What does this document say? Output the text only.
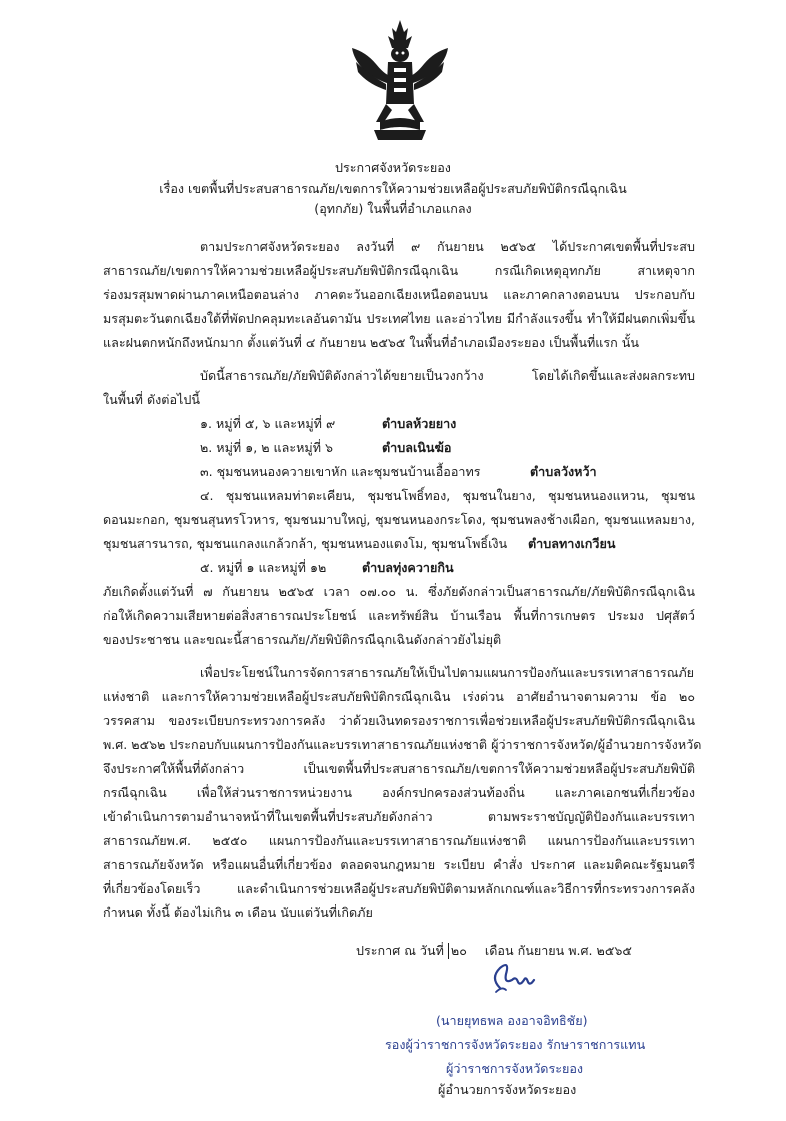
ประกาศจังหวัดระยอง
เรื่อง เขตพื้นที่ประสบสาธารณภัย/เขตการให้ความช่วยเหลือผู้ประสบภัยพิบัติกรณีฉุกเฉิน
(อุทกภัย) ในพื้นที่อำเภอแกลง
ตามประกาศจังหวัดระยอง ลงวันที่ ๙ กันยายน ๒๕๖๕ ได้ประกาศเขตพื้นที่ประสบ
สาธารณภัย/เขตการให้ความช่วยเหลือผู้ประสบภัยพิบัติกรณีฉุกเฉิน กรณีเกิดเหตุอุทกภัย สาเหตุจาก
ร่องมรสุมพาดผ่านภาคเหนือตอนล่าง ภาคตะวันออกเฉียงเหนือตอนบน และภาคกลางตอนบน ประกอบกับ
มรสุมตะวันตกเฉียงใต้ที่พัดปกคลุมทะเลอันดามัน ประเทศไทย และอ่าวไทย มีกำลังแรงขึ้น ทำให้มีฝนตกเพิ่มขึ้น
และฝนตกหนักถึงหนักมาก ตั้งแต่วันที่ ๔ กันยายน ๒๕๖๕ ในพื้นที่อำเภอเมืองระยอง เป็นพื้นที่แรก นั้น
บัดนี้สาธารณภัย/ภัยพิบัติดังกล่าวได้ขยายเป็นวงกว้าง โดยได้เกิดขึ้นและส่งผลกระทบ
ในพื้นที่ ดังต่อไปนี้
๑. หมู่ที่ ๕, ๖ และหมู่ที่ ๙	ตำบลห้วยยาง
๒. หมู่ที่ ๑, ๒ และหมู่ที่ ๖	ตำบลเนินฆ้อ
๓. ชุมชนหนองควายเขาหัก และชุมชนบ้านเอื้ออาทร	ตำบลวังหว้า
๔. ชุมชนแหลมท่าตะเคียน, ชุมชนโพธิ์ทอง, ชุมชนในยาง, ชุมชนหนองแหวน, ชุมชน
ดอนมะกอก, ชุมชนสุนทรโวหาร, ชุมชนมาบใหญ่, ชุมชนหนองกระโดง, ชุมชนพลงช้างเผือก, ชุมชนแหลมยาง,
ชุมชนสารนารถ, ชุมชนแกลงแกล้วกล้า, ชุมชนหนองแตงโม, ชุมชนโพธิ์เงิน ตำบลทางเกวียน
๕. หมู่ที่ ๑ และหมู่ที่ ๑๒	ตำบลทุ่งควายกิน
ภัยเกิดตั้งแต่วันที่ ๗ กันยายน ๒๕๖๕ เวลา ๐๗.๐๐ น. ซึ่งภัยดังกล่าวเป็นสาธารณภัย/ภัยพิบัติกรณีฉุกเฉิน
ก่อให้เกิดความเสียหายต่อสิ่งสาธารณประโยชน์ และทรัพย์สิน บ้านเรือน พื้นที่การเกษตร ประมง ปศุสัตว์
ของประชาชน และขณะนี้สาธารณภัย/ภัยพิบัติกรณีฉุกเฉินดังกล่าวยังไม่ยุติ
เพื่อประโยชน์ในการจัดการสาธารณภัยให้เป็นไปตามแผนการป้องกันและบรรเทาสาธารณภัย
แห่งชาติ และการให้ความช่วยเหลือผู้ประสบภัยพิบัติกรณีฉุกเฉิน เร่งด่วน อาศัยอำนาจตามความ ข้อ ๒๐
วรรคสาม ของระเบียบกระทรวงการคลัง ว่าด้วยเงินทดรองราชการเพื่อช่วยเหลือผู้ประสบภัยพิบัติกรณีฉุกเฉิน
พ.ศ. ๒๕๖๒ ประกอบกับแผนการป้องกันและบรรเทาสาธารณภัยแห่งชาติ ผู้ว่าราชการจังหวัด/ผู้อำนวยการจังหวัด
จึงประกาศให้พื้นที่ดังกล่าว เป็นเขตพื้นที่ประสบสาธารณภัย/เขตการให้ความช่วยหลือผู้ประสบภัยพิบัติ
กรณีฉุกเฉิน เพื่อให้ส่วนราชการหน่วยงาน องค์กรปกครองส่วนท้องถิ่น และภาคเอกชนที่เกี่ยวข้อง
เข้าดำเนินการตามอำนาจหน้าที่ในเขตพื้นที่ประสบภัยดังกล่าว ตามพระราชบัญญัติป้องกันและบรรเทา
สาธารณภัยพ.ศ. ๒๕๕๐ แผนการป้องกันและบรรเทาสาธารณภัยแห่งชาติ แผนการป้องกันและบรรเทา
สาธารณภัยจังหวัด หรือแผนอื่นที่เกี่ยวข้อง ตลอดจนกฎหมาย ระเบียบ คำสั่ง ประกาศ และมติคณะรัฐมนตรี
ที่เกี่ยวข้องโดยเร็ว และดำเนินการช่วยเหลือผู้ประสบภัยพิบัติตามหลักเกณฑ์และวิธีการที่กระทรวงการคลัง
กำหนด ทั้งนี้ ต้องไม่เกิน ๓ เดือน นับแต่วันที่เกิดภัย
ประกาศ ณ วันที่ ๒๐ เดือน กันยายน พ.ศ. ๒๕๖๕
(นายยุทธพล องอาจอิทธิชัย)
รองผู้ว่าราชการจังหวัดระยอง รักษาราชการแทน
ผู้ว่าราชการจังหวัดระยอง
ผู้อำนวยการจังหวัดระยอง
